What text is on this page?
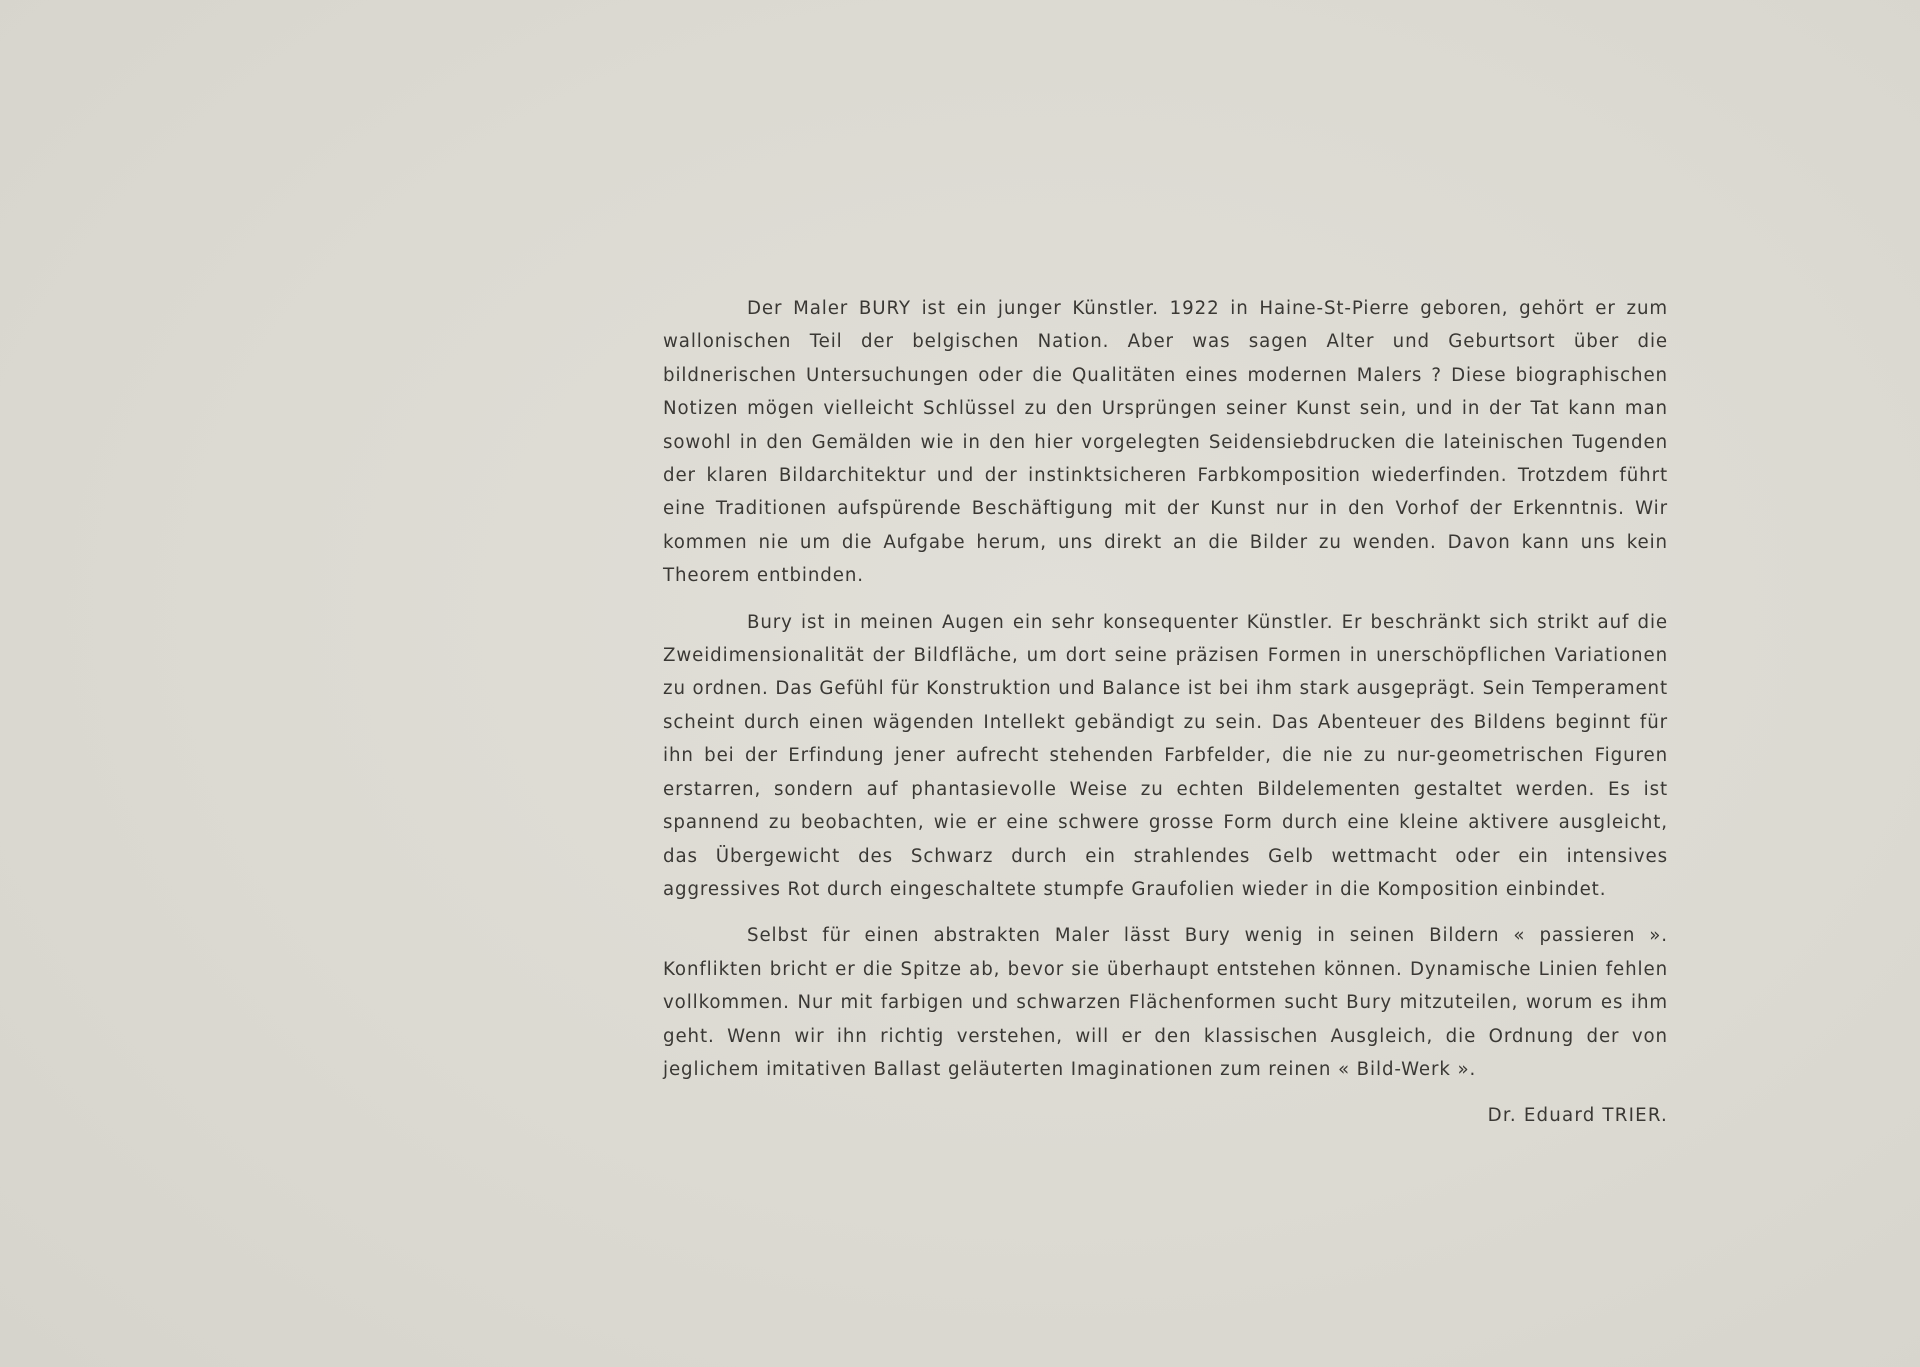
Der Maler BURY ist ein junger Künstler. 1922 in Haine-St-Pierre geboren, gehört er zum wallonischen Teil der belgischen Nation. Aber was sagen Alter und Geburtsort über die bildnerischen Untersuchungen oder die Qualitäten eines modernen Malers ? Diese biographischen Notizen mögen vielleicht Schlüssel zu den Ursprüngen seiner Kunst sein, und in der Tat kann man sowohl in den Gemälden wie in den hier vorgelegten Seidensiebdrucken die lateinischen Tugenden der klaren Bildarchitektur und der instinktsicheren Farbkomposition wiederfinden. Trotzdem führt eine Traditionen aufspürende Beschäftigung mit der Kunst nur in den Vorhof der Erkenntnis. Wir kommen nie um die Aufgabe herum, uns direkt an die Bilder zu wenden. Davon kann uns kein Theorem entbinden.

Bury ist in meinen Augen ein sehr konsequenter Künstler. Er beschränkt sich strikt auf die Zweidimensionalität der Bildfläche, um dort seine präzisen Formen in unerschöpflichen Variationen zu ordnen. Das Gefühl für Konstruktion und Balance ist bei ihm stark ausgeprägt. Sein Temperament scheint durch einen wägenden Intellekt gebändigt zu sein. Das Abenteuer des Bildens beginnt für ihn bei der Erfindung jener aufrecht stehenden Farbfelder, die nie zu nur-geometrischen Figuren erstarren, sondern auf phantasievolle Weise zu echten Bildelementen gestaltet werden. Es ist spannend zu beobachten, wie er eine schwere grosse Form durch eine kleine aktivere ausgleicht, das Übergewicht des Schwarz durch ein strahlendes Gelb wettmacht oder ein intensives aggressives Rot durch eingeschaltete stumpfe Graufolien wieder in die Komposition einbindet.

Selbst für einen abstrakten Maler lässt Bury wenig in seinen Bildern « passieren ». Konflikten bricht er die Spitze ab, bevor sie überhaupt entstehen können. Dynamische Linien fehlen vollkommen. Nur mit farbigen und schwarzen Flächenformen sucht Bury mitzuteilen, worum es ihm geht. Wenn wir ihn richtig verstehen, will er den klassischen Ausgleich, die Ordnung der von jeglichem imitativen Ballast geläuterten Imaginationen zum reinen « Bild-Werk ».

Dr. Eduard TRIER.
